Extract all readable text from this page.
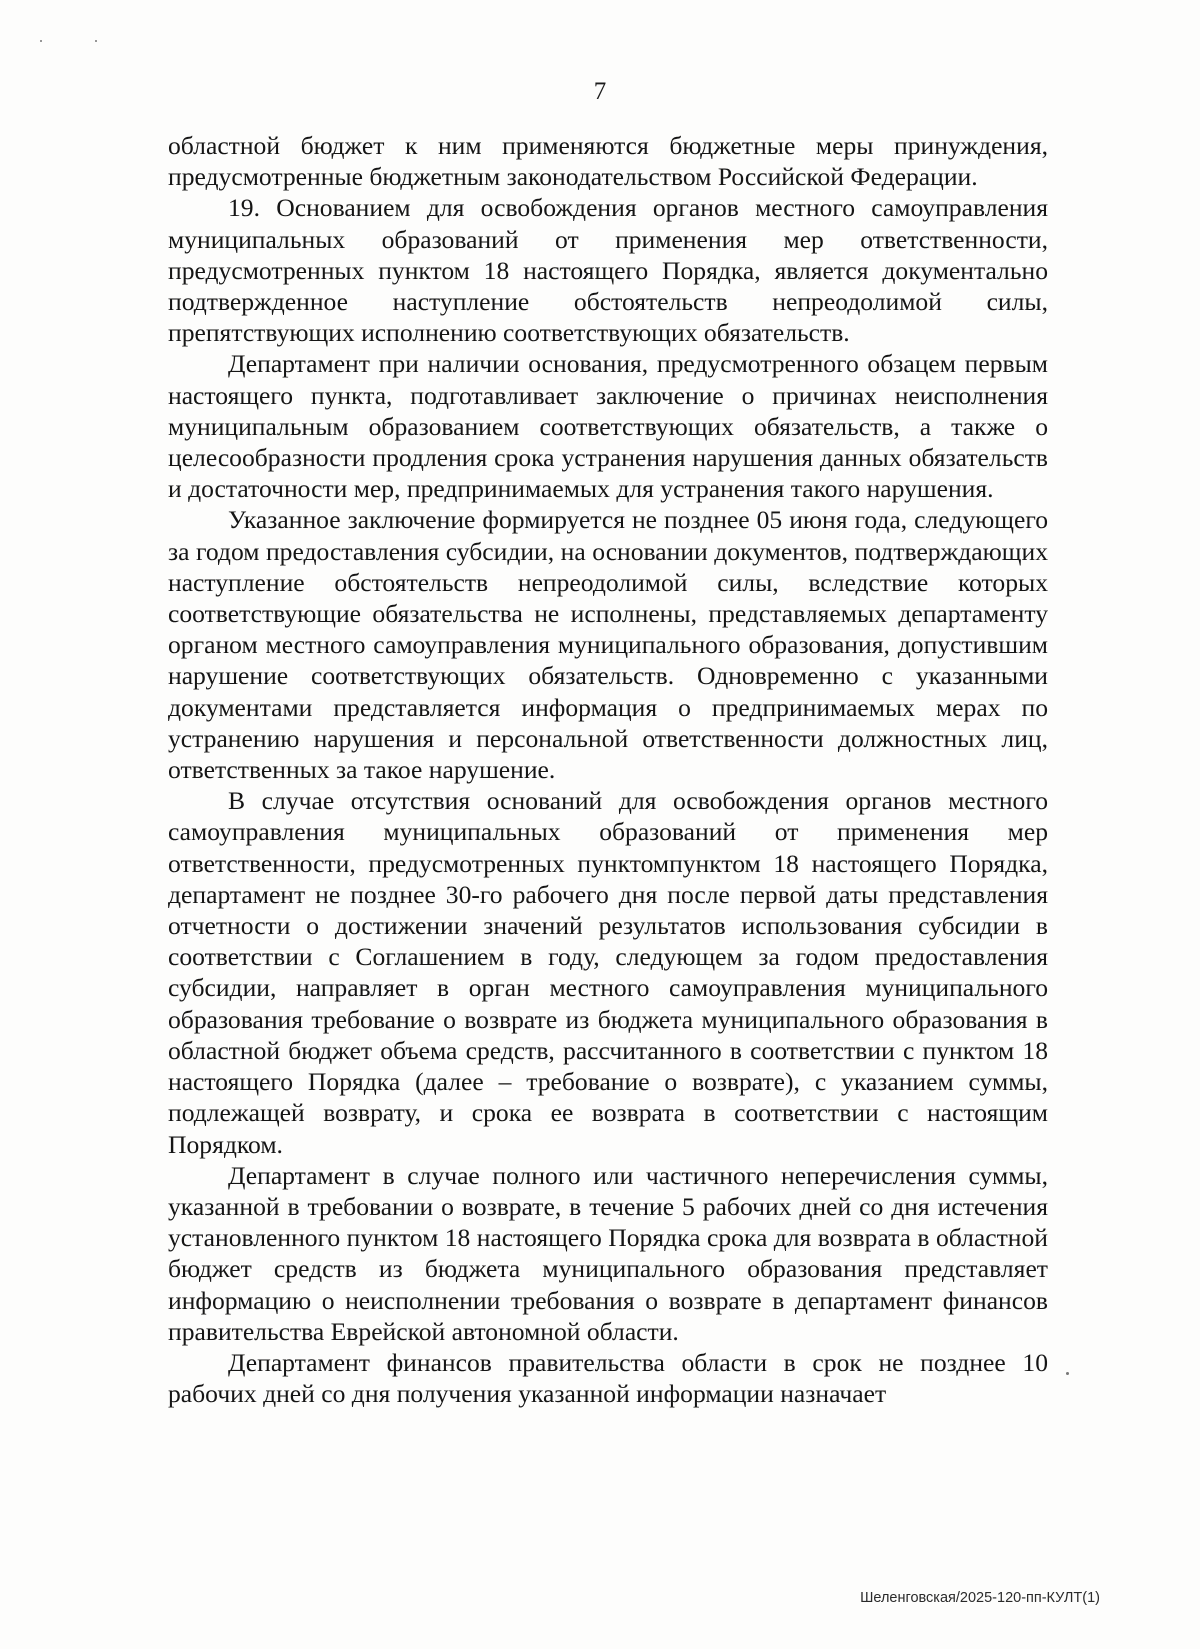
7

областной бюджет к ним применяются бюджетные меры принуждения, предусмотренные бюджетным законодательством Российской Федерации.

19. Основанием для освобождения органов местного самоуправления муниципальных образований от применения мер ответственности, предусмотренных пунктом 18 настоящего Порядка, является документально подтвержденное наступление обстоятельств непреодолимой силы, препятствующих исполнению соответствующих обязательств.

Департамент при наличии основания, предусмотренного обзацем первым настоящего пункта, подготавливает заключение о причинах неисполнения муниципальным образованием соответствующих обязательств, а также о целесообразности продления срока устранения нарушения данных обязательств и достаточности мер, предпринимаемых для устранения такого нарушения.

Указанное заключение формируется не позднее 05 июня года, следующего за годом предоставления субсидии, на основании документов, подтверждающих наступление обстоятельств непреодолимой силы, вследствие которых соответствующие обязательства не исполнены, представляемых департаменту органом местного самоуправления муниципального образования, допустившим нарушение соответствующих обязательств. Одновременно с указанными документами представляется информация о предпринимаемых мерах по устранению нарушения и персональной ответственности должностных лиц, ответственных за такое нарушение.

В случае отсутствия оснований для освобождения органов местного самоуправления муниципальных образований от применения мер ответственности, предусмотренных пунктомпунктом 18 настоящего Порядка, департамент не позднее 30-го рабочего дня после первой даты представления отчетности о достижении значений результатов использования субсидии в соответствии с Соглашением в году, следующем за годом предоставления субсидии, направляет в орган местного самоуправления муниципального образования требование о возврате из бюджета муниципального образования в областной бюджет объема средств, рассчитанного в соответствии с пунктом 18 настоящего Порядка (далее – требование о возврате), с указанием суммы, подлежащей возврату, и срока ее возврата в соответствии с настоящим Порядком.

Департамент в случае полного или частичного неперечисления суммы, указанной в требовании о возврате, в течение 5 рабочих дней со дня истечения установленного пунктом 18 настоящего Порядка срока для возврата в областной бюджет средств из бюджета муниципального образования представляет информацию о неисполнении требования о возврате в департамент финансов правительства Еврейской автономной области.

Департамент финансов правительства области в срок не позднее 10 рабочих дней со дня получения указанной информации назначает

Шеленговская/2025-120-пп-КУЛТ(1)
